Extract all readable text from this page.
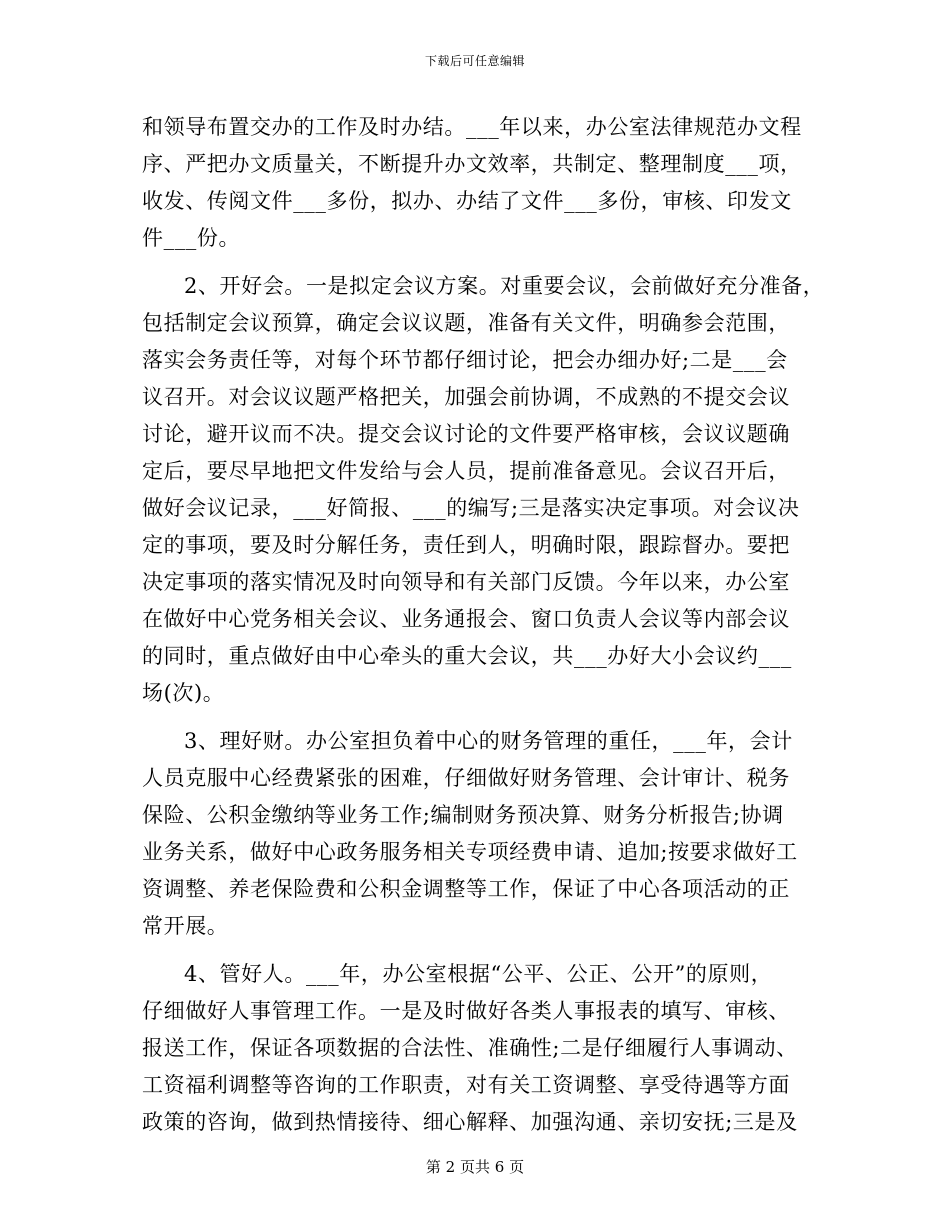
下载后可任意编辑
和领导布置交办的工作及时办结。___年以来，办公室法律规范办文程
序、严把办文质量关，不断提升办文效率，共制定、整理制度___项，
收发、传阅文件___多份，拟办、办结了文件___多份，审核、印发文
件___份。
2、开好会。一是拟定会议方案。对重要会议，会前做好充分准备，
包括制定会议预算，确定会议议题，准备有关文件，明确参会范围，
落实会务责任等，对每个环节都仔细讨论，把会办细办好;二是___会
议召开。对会议议题严格把关，加强会前协调，不成熟的不提交会议
讨论，避开议而不决。提交会议讨论的文件要严格审核，会议议题确
定后，要尽早地把文件发给与会人员，提前准备意见。会议召开后，
做好会议记录，___好简报、___的编写;三是落实决定事项。对会议决
定的事项，要及时分解任务，责任到人，明确时限，跟踪督办。要把
决定事项的落实情况及时向领导和有关部门反馈。今年以来，办公室
在做好中心党务相关会议、业务通报会、窗口负责人会议等内部会议
的同时，重点做好由中心牵头的重大会议，共___办好大小会议约___
场(次)。
3、理好财。办公室担负着中心的财务管理的重任，___年，会计
人员克服中心经费紧张的困难，仔细做好财务管理、会计审计、税务
保险、公积金缴纳等业务工作;编制财务预决算、财务分析报告;协调
业务关系，做好中心政务服务相关专项经费申请、追加;按要求做好工
资调整、养老保险费和公积金调整等工作，保证了中心各项活动的正
常开展。
4、管好人。___年，办公室根据“公平、公正、公开”的原则，
仔细做好人事管理工作。一是及时做好各类人事报表的填写、审核、
报送工作，保证各项数据的合法性、准确性;二是仔细履行人事调动、
工资福利调整等咨询的工作职责，对有关工资调整、享受待遇等方面
政策的咨询，做到热情接待、细心解释、加强沟通、亲切安抚;三是及
第 2 页共 6 页
